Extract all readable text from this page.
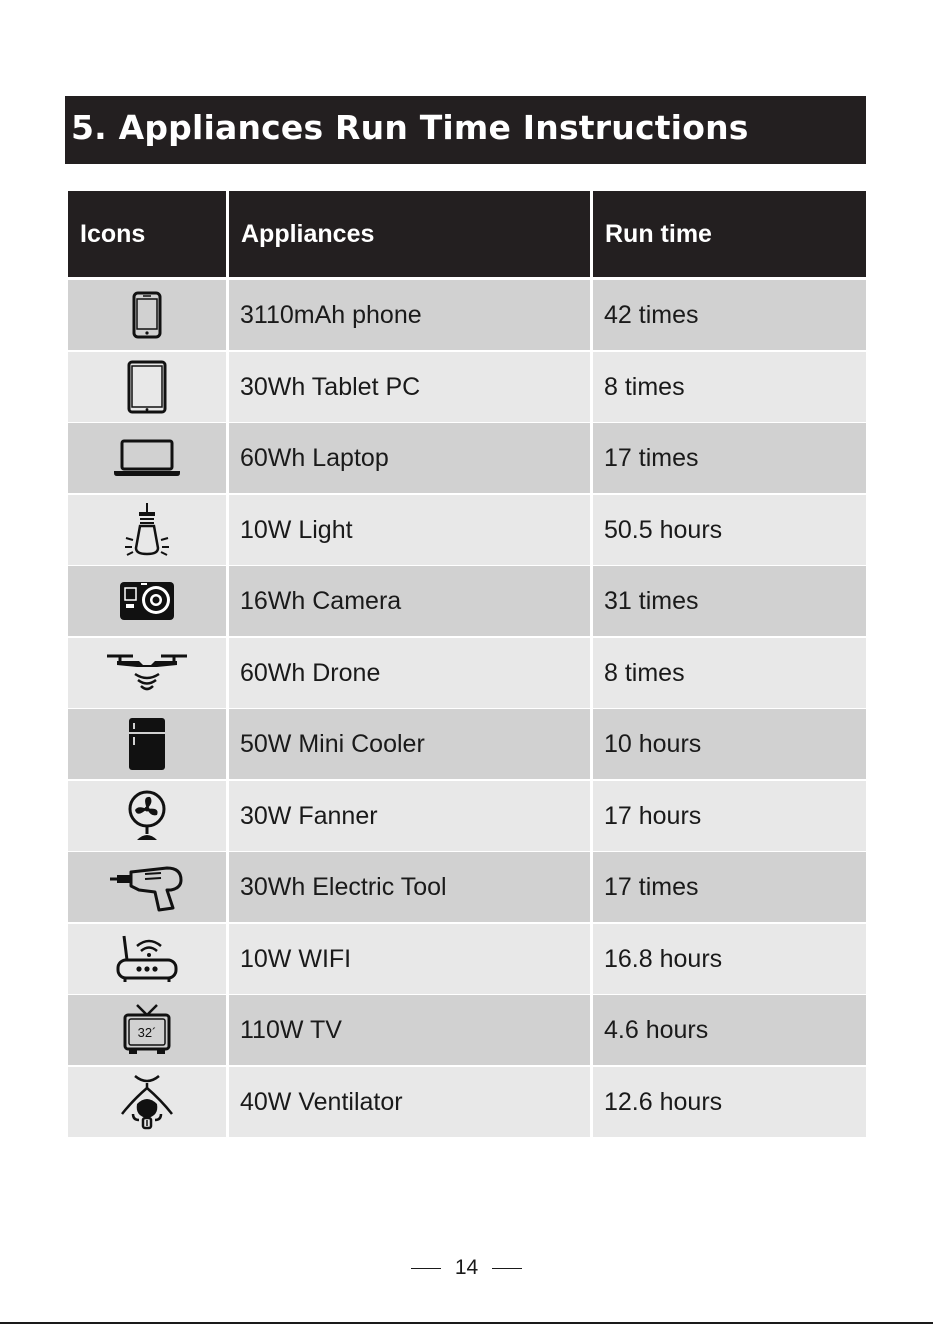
5. Appliances Run Time Instructions
Icons	Appliances	Run time
3110mAh phone	42 times
30Wh Tablet PC	8 times
60Wh Laptop	17 times
10W Light	50.5 hours
16Wh Camera	31 times
60Wh Drone	8 times
50W Mini Cooler	10 hours
30W Fanner	17 hours
30Wh Electric Tool	17 times
10W WIFI	16.8 hours
32´	110W TV	4.6 hours
40W Ventilator	12.6 hours
14
